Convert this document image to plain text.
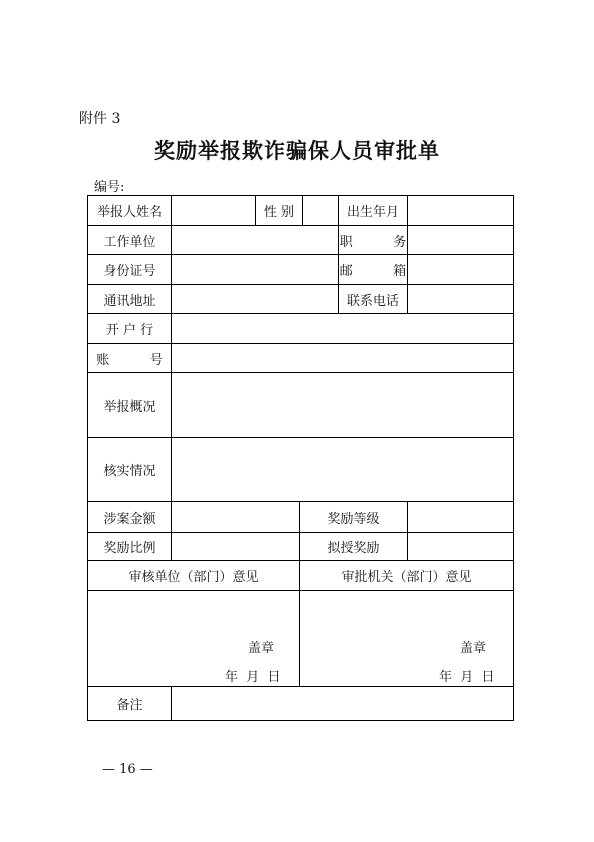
附件 3
奖励举报欺诈骗保人员审批单
编号:
举报人姓名	性 别	出生年月
工作单位	职 务
身份证号	邮 箱
通讯地址	联系电话
开 户 行
账 号
举报概况
核实情况
涉案金额	奖励等级
奖励比例	拟授奖励
审核单位（部门）意见	审批机关（部门）意见
盖章
年  月  日
盖章
年  月  日
备注
— 16 —
